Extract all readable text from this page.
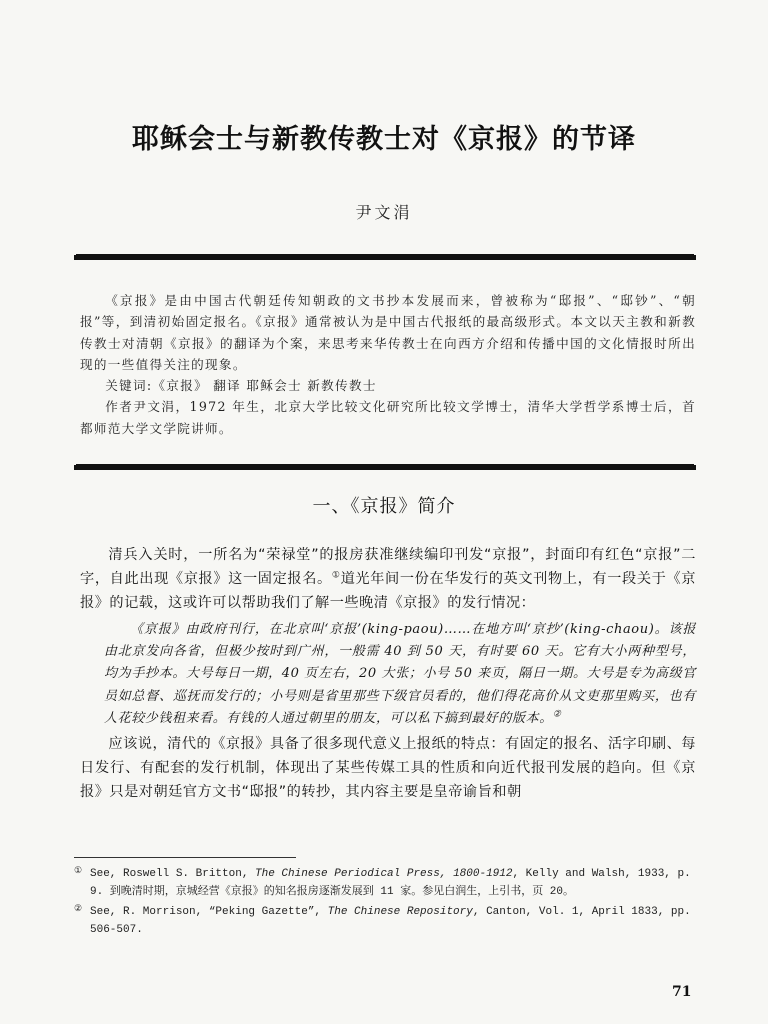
耶稣会士与新教传教士对《京报》的节译
尹文涓

《京报》是由中国古代朝廷传知朝政的文书抄本发展而来，曾被称为“邸报”、“邸钞”、“朝报”等，到清初始固定报名。《京报》通常被认为是中国古代报纸的最高级形式。本文以天主教和新教传教士对清朝《京报》的翻译为个案，来思考来华传教士在向西方介绍和传播中国的文化情报时所出现的一些值得关注的现象。

关键词:《京报》 翻译 耶稣会士 新教传教士

作者尹文涓，1972 年生，北京大学比较文化研究所比较文学博士，清华大学哲学系博士后，首都师范大学文学院讲师。

一、《京报》简介

清兵入关时，一所名为“荣禄堂”的报房获准继续编印刊发“京报”，封面印有红色“京报”二字，自此出现《京报》这一固定报名。①道光年间一份在华发行的英文刊物上，有一段关于《京报》的记载，这或许可以帮助我们了解一些晚清《京报》的发行情况：

《京报》由政府刊行，在北京叫‘京报’(king-paou)……在地方叫‘京抄’(king-chaou)。该报由北京发向各省，但极少按时到广州，一般需 40 到 50 天，有时要 60 天。它有大小两种型号，均为手抄本。大号每日一期，40 页左右，20 大张；小号 50 来页，隔日一期。大号是专为高级官员如总督、巡抚而发行的；小号则是省里那些下级官员看的，他们得花高价从文吏那里购买，也有人花较少钱租来看。有钱的人通过朝里的朋友，可以私下搞到最好的版本。②

应该说，清代的《京报》具备了很多现代意义上报纸的特点：有固定的报名、活字印刷、每日发行、有配套的发行机制，体现出了某些传媒工具的性质和向近代报刊发展的趋向。但《京报》只是对朝廷官方文书“邸报”的转抄，其内容主要是皇帝谕旨和朝

① See, Roswell S. Britton, The Chinese Periodical Press, 1800-1912, Kelly and Walsh, 1933, p. 9. 到晚清时期，京城经营《京报》的知名报房逐渐发展到 11 家。参见白润生，上引书，页 20。
② See, R. Morrison, “Peking Gazette”, The Chinese Repository, Canton, Vol. 1, April 1833, pp. 506-507.
71
